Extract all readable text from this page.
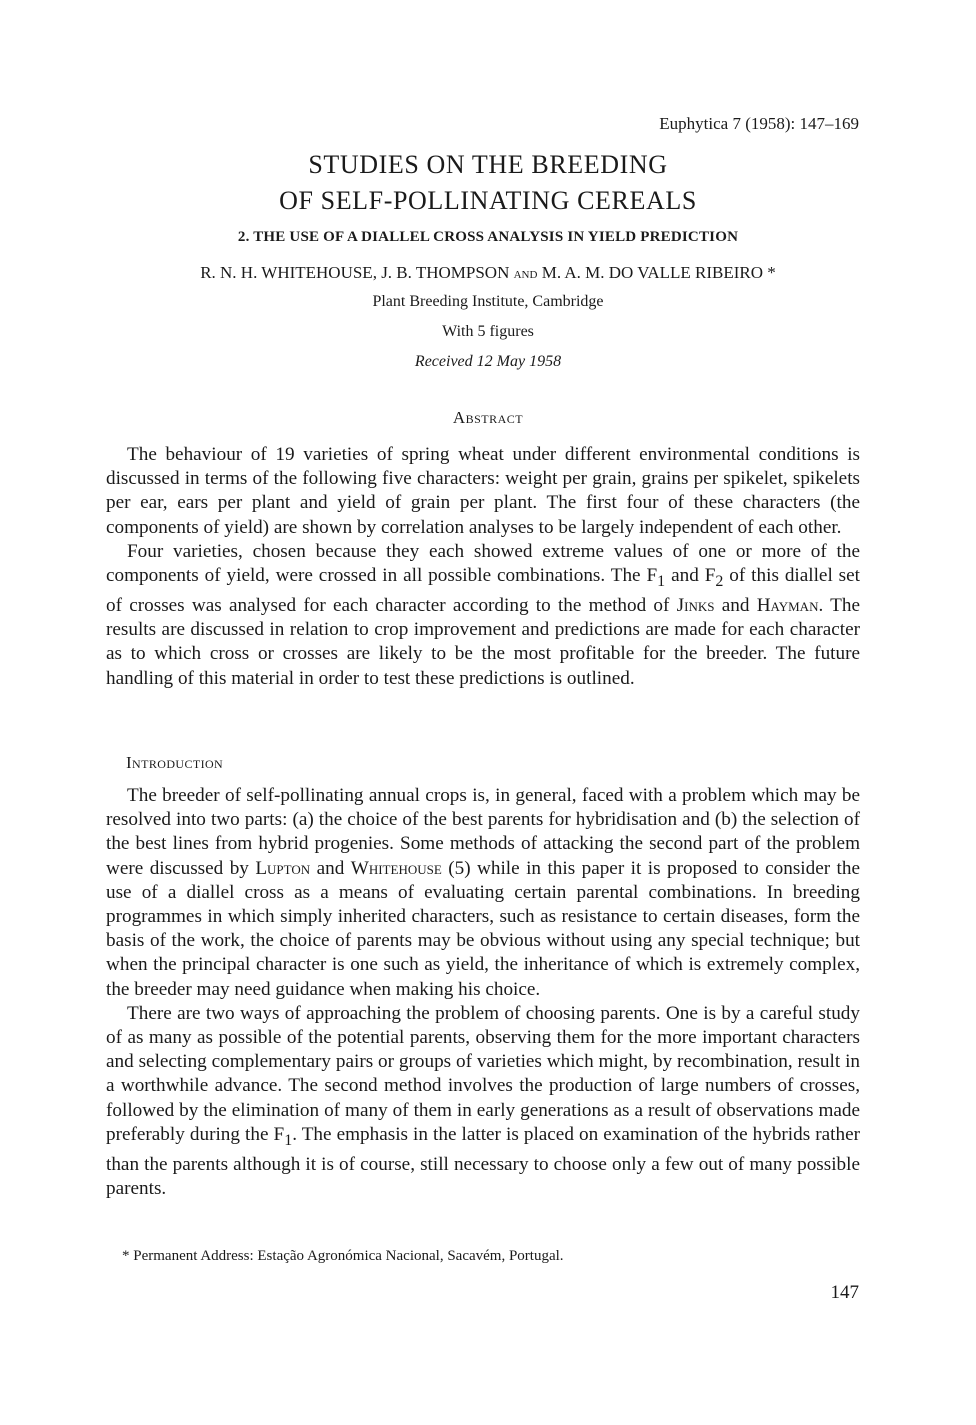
Euphytica 7 (1958): 147–169
STUDIES ON THE BREEDING
OF SELF-POLLINATING CEREALS
2. THE USE OF A DIALLEL CROSS ANALYSIS IN YIELD PREDICTION
R. N. H. WHITEHOUSE, J. B. THOMPSON AND M. A. M. DO VALLE RIBEIRO *
Plant Breeding Institute, Cambridge
With 5 figures
Received 12 May 1958
Abstract

The behaviour of 19 varieties of spring wheat under different environmental conditions is discussed in terms of the following five characters: weight per grain, grains per spikelet, spikelets per ear, ears per plant and yield of grain per plant. The first four of these characters (the components of yield) are shown by correlation analyses to be largely independent of each other.

Four varieties, chosen because they each showed extreme values of one or more of the components of yield, were crossed in all possible combinations. The $F_1$ and $F_2$ of this diallel set of crosses was analysed for each character according to the method of Jinks and Hayman. The results are discussed in relation to crop improvement and predictions are made for each character as to which cross or crosses are likely to be the most profitable for the breeder. The future handling of this material in order to test these predictions is outlined.

Introduction

The breeder of self-pollinating annual crops is, in general, faced with a problem which may be resolved into two parts: (a) the choice of the best parents for hybridisation and (b) the selection of the best lines from hybrid progenies. Some methods of attacking the second part of the problem were discussed by Lupton and Whitehouse (5) while in this paper it is proposed to consider the use of a diallel cross as a means of evaluating certain parental combinations. In breeding programmes in which simply inherited characters, such as resistance to certain diseases, form the basis of the work, the choice of parents may be obvious without using any special technique; but when the principal character is one such as yield, the inheritance of which is extremely complex, the breeder may need guidance when making his choice.

There are two ways of approaching the problem of choosing parents. One is by a careful study of as many as possible of the potential parents, observing them for the more important characters and selecting complementary pairs or groups of varieties which might, by recombination, result in a worthwhile advance. The second method involves the production of large numbers of crosses, followed by the elimination of many of them in early generations as a result of observations made preferably during the $F_1$. The emphasis in the latter is placed on examination of the hybrids rather than the parents although it is of course, still necessary to choose only a few out of many possible parents.

* Permanent Address: Estação Agronómica Nacional, Sacavém, Portugal.
147
